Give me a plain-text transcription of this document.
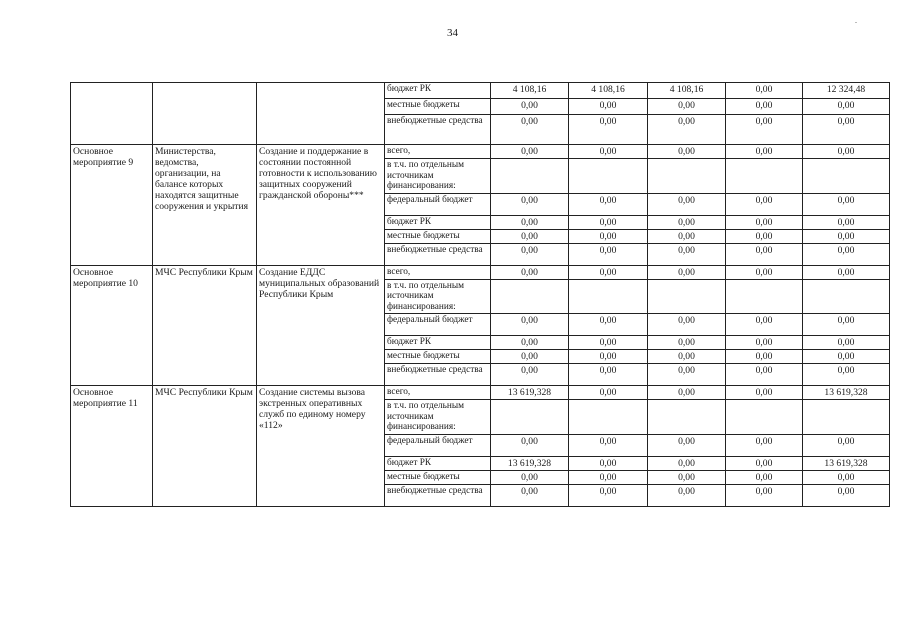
34
			бюджет РК	4 108,16	4 108,16	4 108,16	0,00	12 324,48
			местные бюджеты	0,00	0,00	0,00	0,00	0,00
			внебюджетные средства	0,00	0,00	0,00	0,00	0,00
Основное мероприятие 9	Министерства, ведомства, организации, на балансе которых находятся защитные сооружения и укрытия	Создание и поддержание в состоянии постоянной готовности к использованию защитных сооружений гражданской обороны***	всего,	0,00	0,00	0,00	0,00	0,00
			в т.ч. по отдельным источникам финансирования:					
			федеральный бюджет	0,00	0,00	0,00	0,00	0,00
			бюджет РК	0,00	0,00	0,00	0,00	0,00
			местные бюджеты	0,00	0,00	0,00	0,00	0,00
			внебюджетные средства	0,00	0,00	0,00	0,00	0,00
Основное мероприятие 10	МЧС Республики Крым	Создание ЕДДС муниципальных образований Республики Крым	всего,	0,00	0,00	0,00	0,00	0,00
			в т.ч. по отдельным источникам финансирования:					
			федеральный бюджет	0,00	0,00	0,00	0,00	0,00
			бюджет РК	0,00	0,00	0,00	0,00	0,00
			местные бюджеты	0,00	0,00	0,00	0,00	0,00
			внебюджетные средства	0,00	0,00	0,00	0,00	0,00
Основное мероприятие 11	МЧС Республики Крым	Создание системы вызова экстренных оперативных служб по единому номеру «112»	всего,	13 619,328	0,00	0,00	0,00	13 619,328
			в т.ч. по отдельным источникам финансирования:					
			федеральный бюджет	0,00	0,00	0,00	0,00	0,00
			бюджет РК	13 619,328	0,00	0,00	0,00	13 619,328
			местные бюджеты	0,00	0,00	0,00	0,00	0,00
			внебюджетные средства	0,00	0,00	0,00	0,00	0,00
